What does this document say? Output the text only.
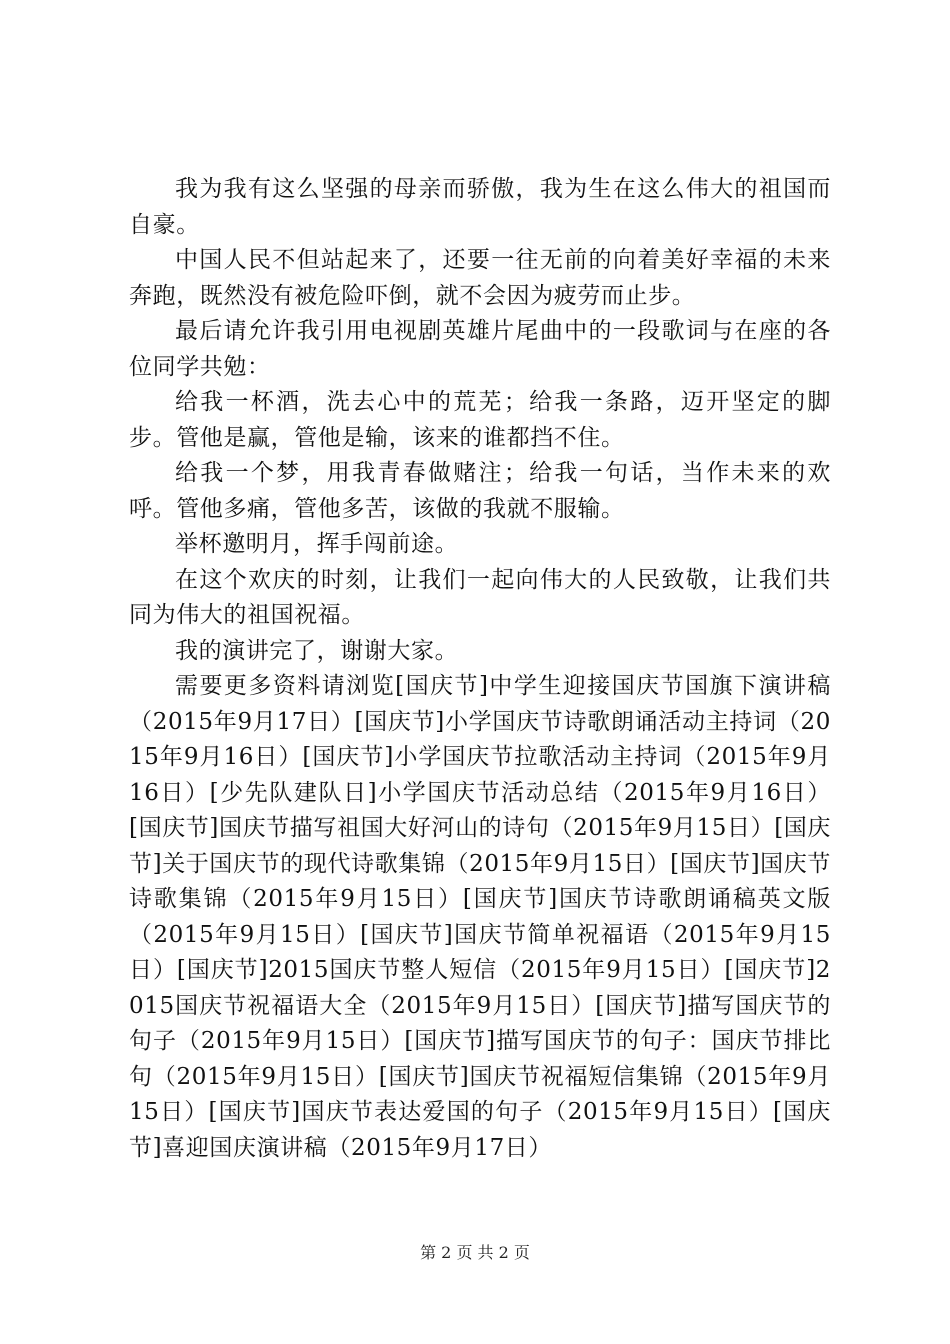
我为我有这么坚强的母亲而骄傲，我为生在这么伟大的祖国而自豪。

中国人民不但站起来了，还要一往无前的向着美好幸福的未来奔跑，既然没有被危险吓倒，就不会因为疲劳而止步。

最后请允许我引用电视剧英雄片尾曲中的一段歌词与在座的各位同学共勉：

给我一杯酒，洗去心中的荒芜；给我一条路，迈开坚定的脚步。管他是赢，管他是输，该来的谁都挡不住。

给我一个梦，用我青春做赌注；给我一句话，当作未来的欢呼。管他多痛，管他多苦，该做的我就不服输。

举杯邀明月，挥手闯前途。

在这个欢庆的时刻，让我们一起向伟大的人民致敬，让我们共同为伟大的祖国祝福。

我的演讲完了，谢谢大家。

需要更多资料请浏览[国庆节]中学生迎接国庆节国旗下演讲稿（2015年9月17日）[国庆节]小学国庆节诗歌朗诵活动主持词（2015年9月16日）[国庆节]小学国庆节拉歌活动主持词（2015年9月16日）[少先队建队日]小学国庆节活动总结（2015年9月16日）[国庆节]国庆节描写祖国大好河山的诗句（2015年9月15日）[国庆节]关于国庆节的现代诗歌集锦（2015年9月15日）[国庆节]国庆节诗歌集锦（2015年9月15日）[国庆节]国庆节诗歌朗诵稿英文版（2015年9月15日）[国庆节]国庆节简单祝福语（2015年9月15日）[国庆节]2015国庆节整人短信（2015年9月15日）[国庆节]2015国庆节祝福语大全（2015年9月15日）[国庆节]描写国庆节的句子（2015年9月15日）[国庆节]描写国庆节的句子：国庆节排比句（2015年9月15日）[国庆节]国庆节祝福短信集锦（2015年9月15日）[国庆节]国庆节表达爱国的句子（2015年9月15日）[国庆节]喜迎国庆演讲稿（2015年9月17日）

第 2 页 共 2 页
